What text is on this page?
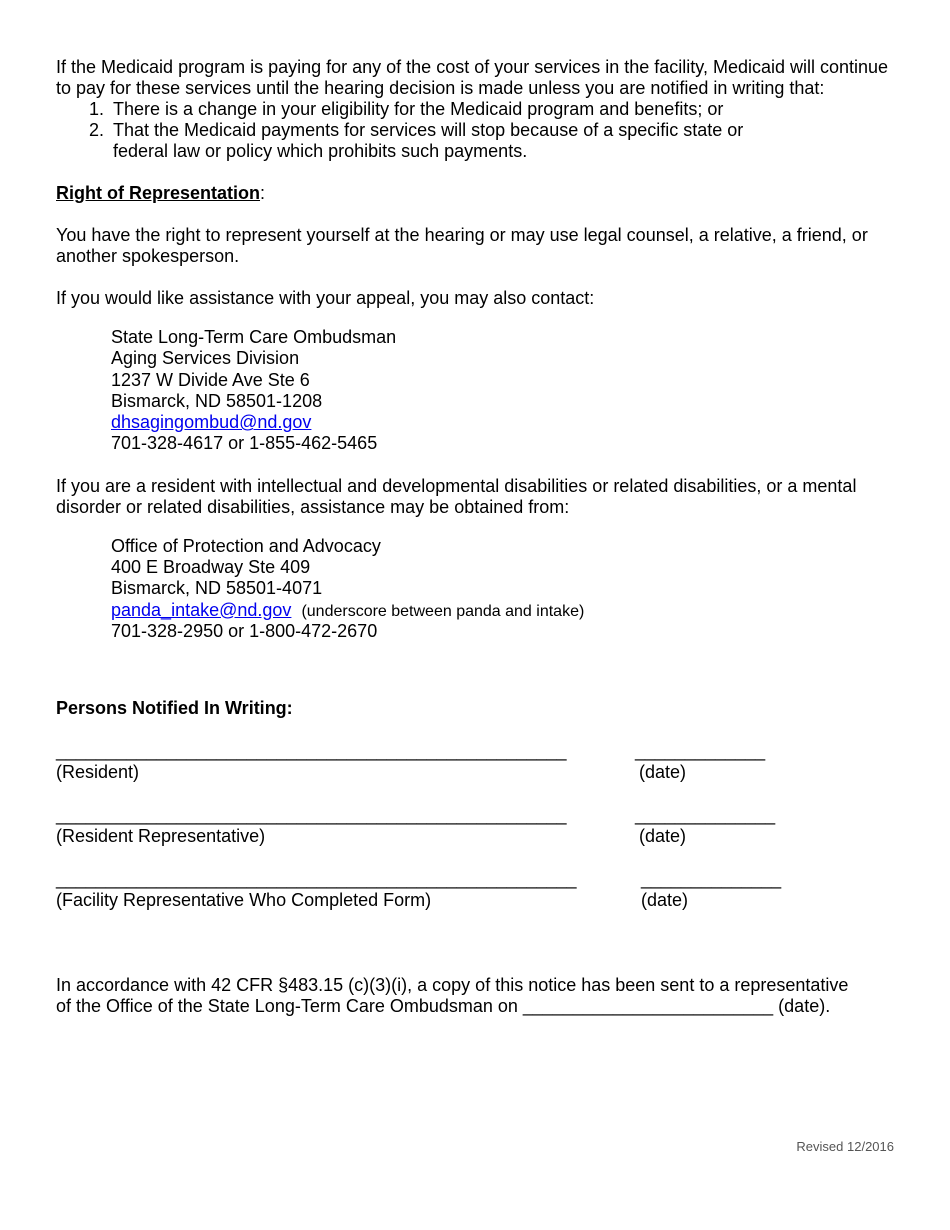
If the Medicaid program is paying for any of the cost of your services in the facility, Medicaid will continue to pay for these services until the hearing decision is made unless you are notified in writing that:

1. There is a change in your eligibility for the Medicaid program and benefits; or
2. That the Medicaid payments for services will stop because of a specific state or federal law or policy which prohibits such payments.

Right of Representation:

You have the right to represent yourself at the hearing or may use legal counsel, a relative, a friend, or another spokesperson.

If you would like assistance with your appeal, you may also contact:

State Long-Term Care Ombudsman
Aging Services Division
1237 W Divide Ave Ste 6
Bismarck, ND 58501-1208
dhsagingombud@nd.gov
701-328-4617 or 1-855-462-5465

If you are a resident with intellectual and developmental disabilities or related disabilities, or a mental disorder or related disabilities, assistance may be obtained from:

Office of Protection and Advocacy
400 E Broadway Ste 409
Bismarck, ND 58501-4071
panda_intake@nd.gov (underscore between panda and intake)
701-328-2950 or 1-800-472-2670

Persons Notified In Writing:

___________________________________________________	_____________
(Resident)	(date)
___________________________________________________	______________
(Resident Representative)	(date)
____________________________________________________	______________
(Facility Representative Who Completed Form)	(date)
In accordance with 42 CFR §483.15 (c)(3)(i), a copy of this notice has been sent to a representative
of the Office of the State Long-Term Care Ombudsman on _________________________ (date).
Revised 12/2016
